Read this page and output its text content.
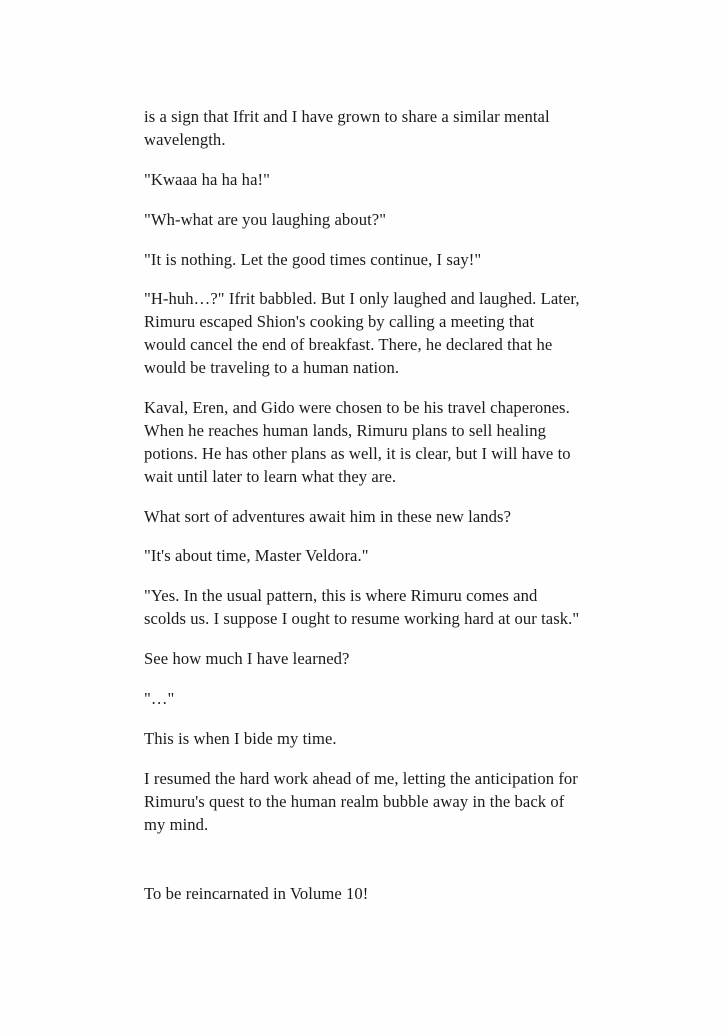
is a sign that Ifrit and I have grown to share a similar mental wavelength.

"Kwaaa ha ha ha!"

"Wh-what are you laughing about?"

"It is nothing. Let the good times continue, I say!"

"H-huh…?" Ifrit babbled. But I only laughed and laughed. Later, Rimuru escaped Shion's cooking by calling a meeting that would cancel the end of breakfast. There, he declared that he would be traveling to a human nation.

Kaval, Eren, and Gido were chosen to be his travel chaperones. When he reaches human lands, Rimuru plans to sell healing potions. He has other plans as well, it is clear, but I will have to wait until later to learn what they are.

What sort of adventures await him in these new lands?

"It's about time, Master Veldora."

"Yes. In the usual pattern, this is where Rimuru comes and scolds us. I suppose I ought to resume working hard at our task."

See how much I have learned?

"…"

This is when I bide my time.

I resumed the hard work ahead of me, letting the anticipation for Rimuru's quest to the human realm bubble away in the back of my mind.

To be reincarnated in Volume 10!
